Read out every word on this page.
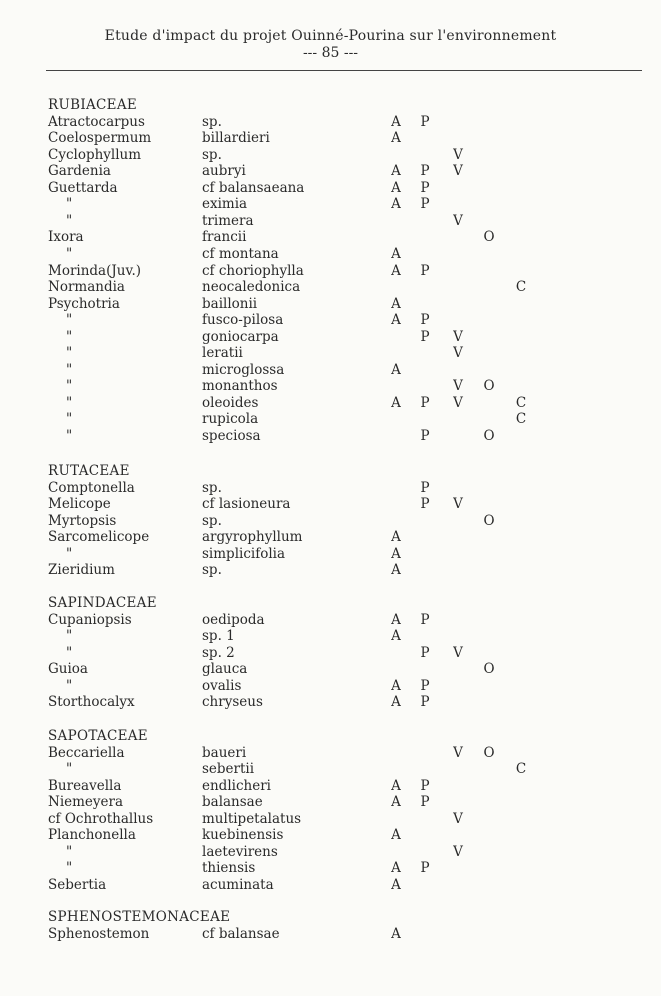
Etude d'impact du projet Ouinné-Pourina sur l'environnement
--- 85 ---
RUBIACEAE
Atractocarpus	sp.	A P
Coelospermum	billardieri	A
Cyclophyllum	sp.	V
Gardenia	aubryi	A P V
Guettarda	cf balansaeana	A P
"	eximia	A P
"	trimera	V
Ixora	francii	O
"	cf montana	A
Morinda(Juv.)	cf choriophylla	A P
Normandia	neocaledonica	C
Psychotria	baillonii	A
"	fusco-pilosa	A P
"	goniocarpa	P V
"	leratii	V
"	microglossa	A
"	monanthos	V O
"	oleoides	A P V	C
"	rupicola	C
"	speciosa	P	O
RUTACEAE
Comptonella	sp.	P
Melicope	cf lasioneura	P V
Myrtopsis	sp.	O
Sarcomelicope	argyrophyllum	A
"	simplicifolia	A
Zieridium	sp.	A
SAPINDACEAE
Cupaniopsis	oedipoda	A P
"	sp. 1	A
"	sp. 2	P V
Guioa	glauca	O
"	ovalis	A P
Storthocalyx	chryseus	A P
SAPOTACEAE
Beccariella	baueri	V O
"	sebertii	C
Bureavella	endlicheri	A P
Niemeyera	balansae	A P
cf Ochrothallus	multipetalatus	V
Planchonella	kuebinensis	A
"	laetevirens	V
"	thiensis	A P
Sebertia	acuminata	A
SPHENOSTEMONACEAE
Sphenostemon	cf balansae	A
